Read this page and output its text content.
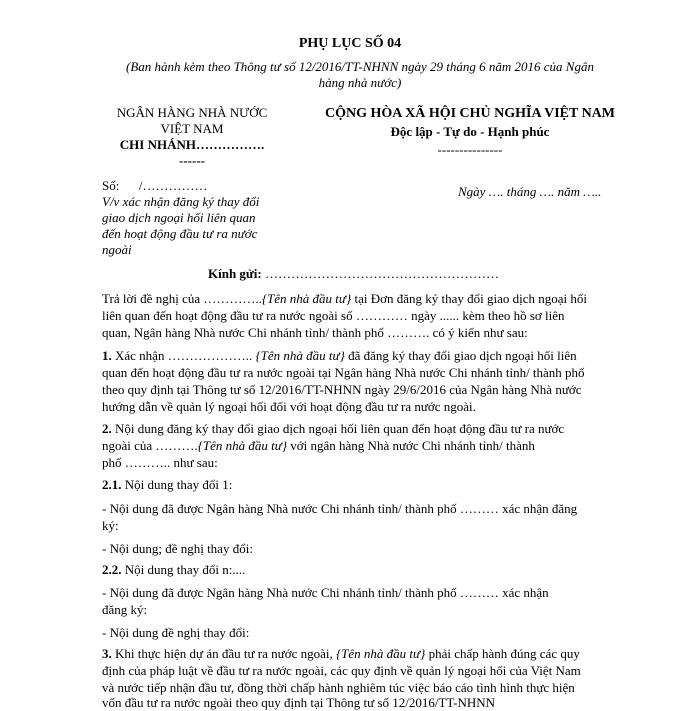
PHỤ LỤC SỐ 04
(Ban hành kèm theo Thông tư số 12/2016/TT-NHNN ngày 29 tháng 6 năm 2016 của Ngân
hàng nhà nước)
NGÂN HÀNG NHÀ NƯỚC
VIỆT NAM
CHI NHÁNH…………….
------
CỘNG HÒA XÃ HỘI CHỦ NGHĨA VIỆT NAM
Độc lập - Tự do - Hạnh phúc
---------------
Số:      /……………
V/v xác nhận đăng ký thay đổi
giao dịch ngoại hối liên quan
đến hoạt động đầu tư ra nước
ngoài
Ngày …. tháng …. năm …..
Kính gửi: ………………………………………………
Trả lời đề nghị của …………..{Tên nhà đầu tư} tại Đơn đăng ký thay đổi giao dịch ngoại hối
liên quan đến hoạt động đầu tư ra nước ngoài số ………… ngày ...... kèm theo hồ sơ liên
quan, Ngân hàng Nhà nước Chi nhánh tỉnh/ thành phố ………. có ý kiến như sau:
1. Xác nhận ……………….. {Tên nhà đầu tư} đã đăng ký thay đổi giao dịch ngoại hối liên
quan đến hoạt động đầu tư ra nước ngoài tại Ngân hàng Nhà nước Chi nhánh tỉnh/ thành phố
theo quy định tại Thông tư số 12/2016/TT-NHNN ngày 29/6/2016 của Ngân hàng Nhà nước
hướng dẫn về quản lý ngoại hối đối với hoạt động đầu tư ra nước ngoài.
2. Nội dung đăng ký thay đổi giao dịch ngoại hối liên quan đến hoạt động đầu tư ra nước
ngoài của ……….{Tên nhà đầu tư} với ngân hàng Nhà nước Chi nhánh tỉnh/ thành
phố ……….. như sau:
2.1. Nội dung thay đổi 1:
- Nội dung đã được Ngân hàng Nhà nước Chi nhánh tỉnh/ thành phố ……… xác nhận đăng
ký:
- Nội dung; đề nghị thay đổi:
2.2. Nội dung thay đổi n:....
- Nội dung đã được Ngân hàng Nhà nước Chi nhánh tỉnh/ thành phố ……… xác nhận
đăng ký:
- Nội dung đề nghị thay đổi:
3. Khi thực hiện dự án đầu tư ra nước ngoài, {Tên nhà đầu tư} phải chấp hành đúng các quy
định của pháp luật về đầu tư ra nước ngoài, các quy định về quản lý ngoại hối của Việt Nam
và nước tiếp nhận đầu tư, đồng thời chấp hành nghiêm túc việc báo cáo tình hình thực hiện
vốn đầu tư ra nước ngoài theo quy định tại Thông tư số 12/2016/TT-NHNN
